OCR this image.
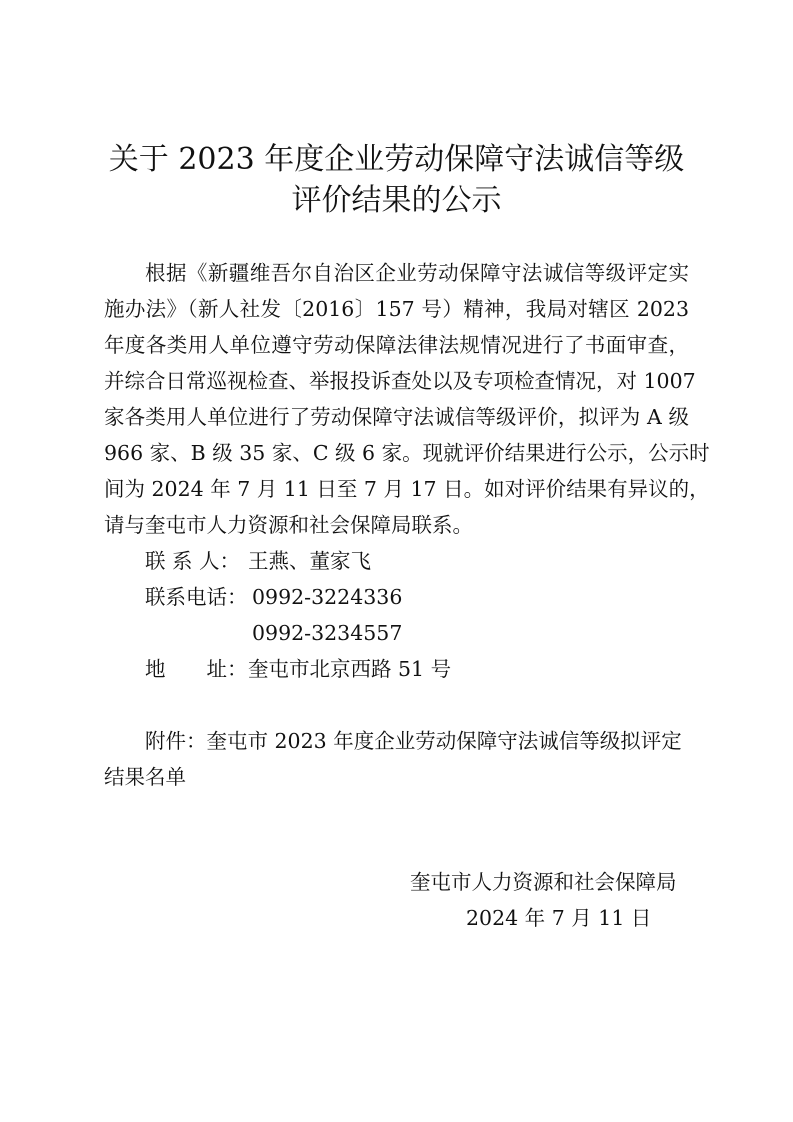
关于 2023 年度企业劳动保障守法诚信等级
评价结果的公示
根据《新疆维吾尔自治区企业劳动保障守法诚信等级评定实
施办法》（新人社发〔2016〕157 号）精神，我局对辖区 2023
年度各类用人单位遵守劳动保障法律法规情况进行了书面审查，
并综合日常巡视检查、举报投诉查处以及专项检查情况，对 1007
家各类用人单位进行了劳动保障守法诚信等级评价，拟评为 A 级
966 家、B 级 35 家、C 级 6 家。现就评价结果进行公示，公示时
间为 2024 年 7 月 11 日至 7 月 17 日。如对评价结果有异议的，
请与奎屯市人力资源和社会保障局联系。
联 系 人： 王燕、董家飞
联系电话： 0992-3224336
0992-3234557
地　　址： 奎屯市北京西路 51 号
附件：奎屯市 2023 年度企业劳动保障守法诚信等级拟评定
结果名单
奎屯市人力资源和社会保障局
2024 年 7 月 11 日
